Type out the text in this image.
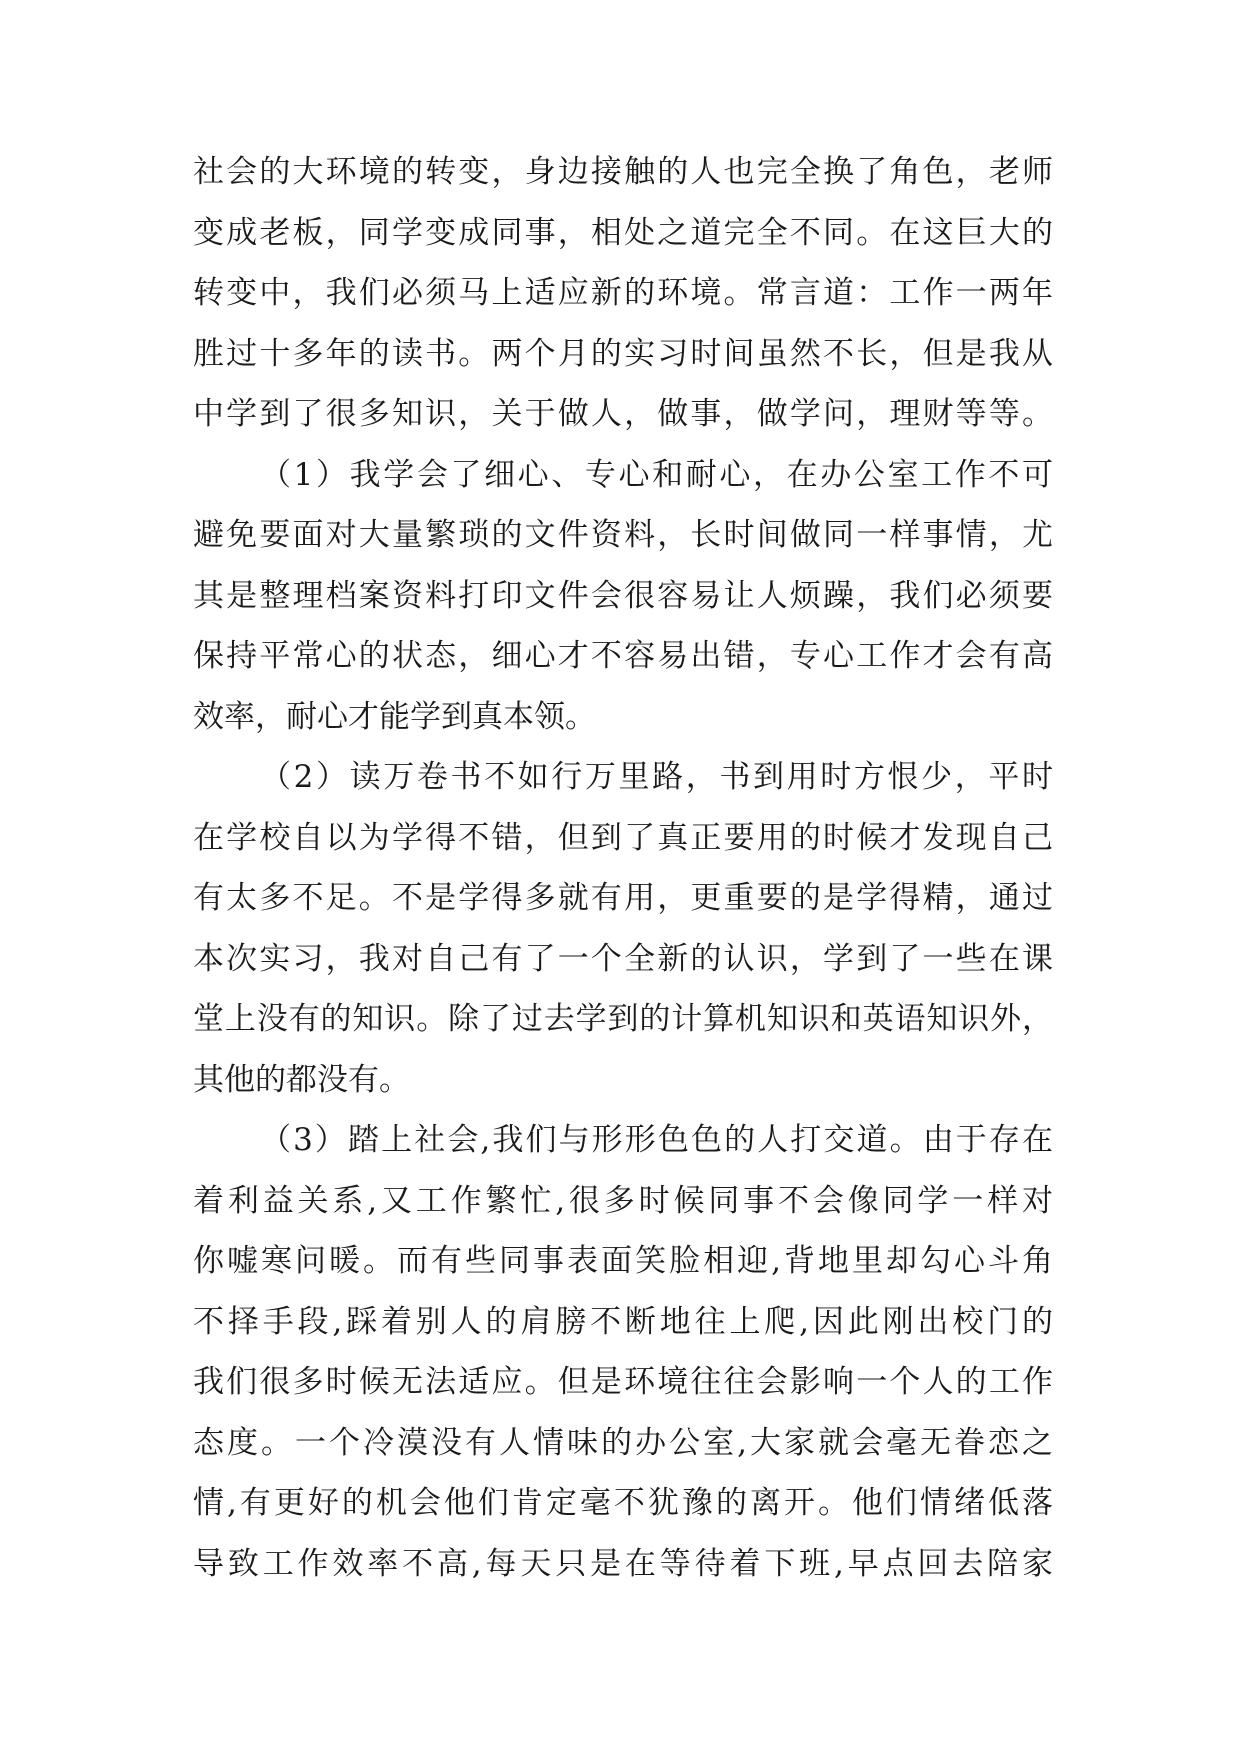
社会的大环境的转变，身边接触的人也完全换了角色，老师
变成老板，同学变成同事，相处之道完全不同。在这巨大的
转变中，我们必须马上适应新的环境。常言道：工作一两年
胜过十多年的读书。两个月的实习时间虽然不长，但是我从
中学到了很多知识，关于做人，做事，做学问，理财等等。
（1）我学会了细心、专心和耐心，在办公室工作不可
避免要面对大量繁琐的文件资料，长时间做同一样事情，尤
其是整理档案资料打印文件会很容易让人烦躁，我们必须要
保持平常心的状态，细心才不容易出错，专心工作才会有高
效率，耐心才能学到真本领。
（2）读万卷书不如行万里路，书到用时方恨少，平时
在学校自以为学得不错，但到了真正要用的时候才发现自己
有太多不足。不是学得多就有用，更重要的是学得精，通过
本次实习，我对自己有了一个全新的认识，学到了一些在课
堂上没有的知识。除了过去学到的计算机知识和英语知识外，
其他的都没有。
（3）踏上社会,我们与形形色色的人打交道。由于存在
着利益关系,又工作繁忙,很多时候同事不会像同学一样对
你嘘寒问暖。而有些同事表面笑脸相迎,背地里却勾心斗角
不择手段,踩着别人的肩膀不断地往上爬,因此刚出校门的
我们很多时候无法适应。但是环境往往会影响一个人的工作
态度。一个冷漠没有人情味的办公室,大家就会毫无眷恋之
情,有更好的机会他们肯定毫不犹豫的离开。他们情绪低落
导致工作效率不高,每天只是在等待着下班,早点回去陪家
